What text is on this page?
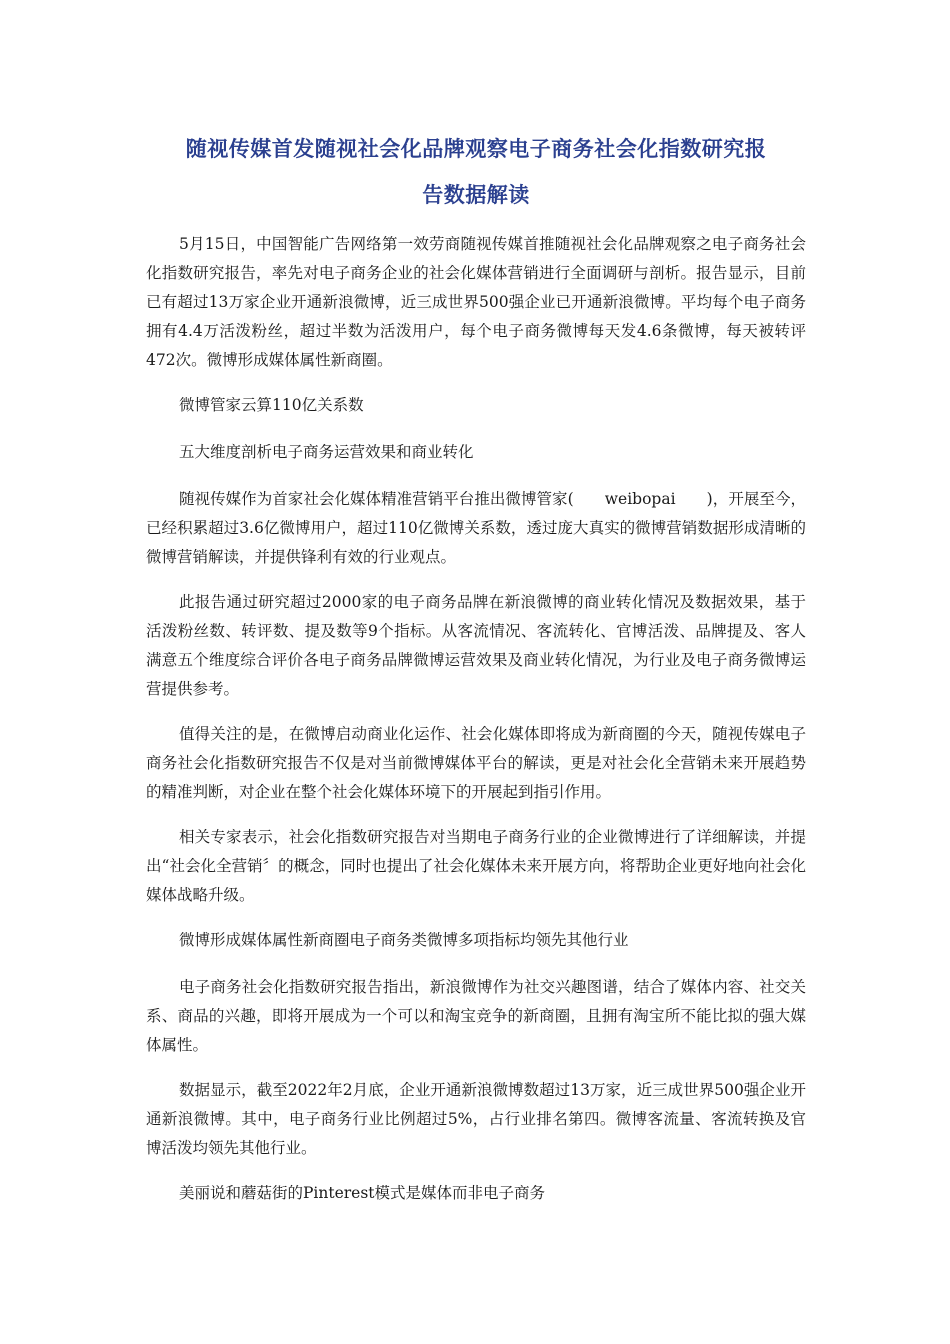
随视传媒首发随视社会化品牌观察电子商务社会化指数研究报
告数据解读

5月15日，中国智能广告网络第一效劳商随视传媒首推随视社会化品牌观察之电子商务社会化指数研究报告，率先对电子商务企业的社会化媒体营销进行全面调研与剖析。报告显示，目前已有超过13万家企业开通新浪微博，近三成世界500强企业已开通新浪微博。平均每个电子商务拥有4.4万活泼粉丝，超过半数为活泼用户，每个电子商务微博每天发4.6条微博，每天被转评472次。微博形成媒体属性新商圈。

微博管家云算110亿关系数

五大维度剖析电子商务运营效果和商业转化

随视传媒作为首家社会化媒体精准营销平台推出微博管家(　　weibopai　　)，开展至今，已经积累超过3.6亿微博用户，超过110亿微博关系数，透过庞大真实的微博营销数据形成清晰的微博营销解读，并提供锋利有效的行业观点。

此报告通过研究超过2000家的电子商务品牌在新浪微博的商业转化情况及数据效果，基于活泼粉丝数、转评数、提及数等9个指标。从客流情况、客流转化、官博活泼、品牌提及、客人满意五个维度综合评价各电子商务品牌微博运营效果及商业转化情况，为行业及电子商务微博运营提供参考。

值得关注的是，在微博启动商业化运作、社会化媒体即将成为新商圈的今天，随视传媒电子商务社会化指数研究报告不仅是对当前微博媒体平台的解读，更是对社会化全营销未来开展趋势的精准判断，对企业在整个社会化媒体环境下的开展起到指引作用。

相关专家表示，社会化指数研究报告对当期电子商务行业的企业微博进行了详细解读，并提出“社会化全营销〞的概念，同时也提出了社会化媒体未来开展方向，将帮助企业更好地向社会化媒体战略升级。

微博形成媒体属性新商圈电子商务类微博多项指标均领先其他行业

电子商务社会化指数研究报告指出，新浪微博作为社交兴趣图谱，结合了媒体内容、社交关系、商品的兴趣，即将开展成为一个可以和淘宝竞争的新商圈，且拥有淘宝所不能比拟的强大媒体属性。

数据显示，截至2022年2月底，企业开通新浪微博数超过13万家，近三成世界500强企业开通新浪微博。其中，电子商务行业比例超过5%，占行业排名第四。微博客流量、客流转换及官博活泼均领先其他行业。

美丽说和蘑菇街的Pinterest模式是媒体而非电子商务
